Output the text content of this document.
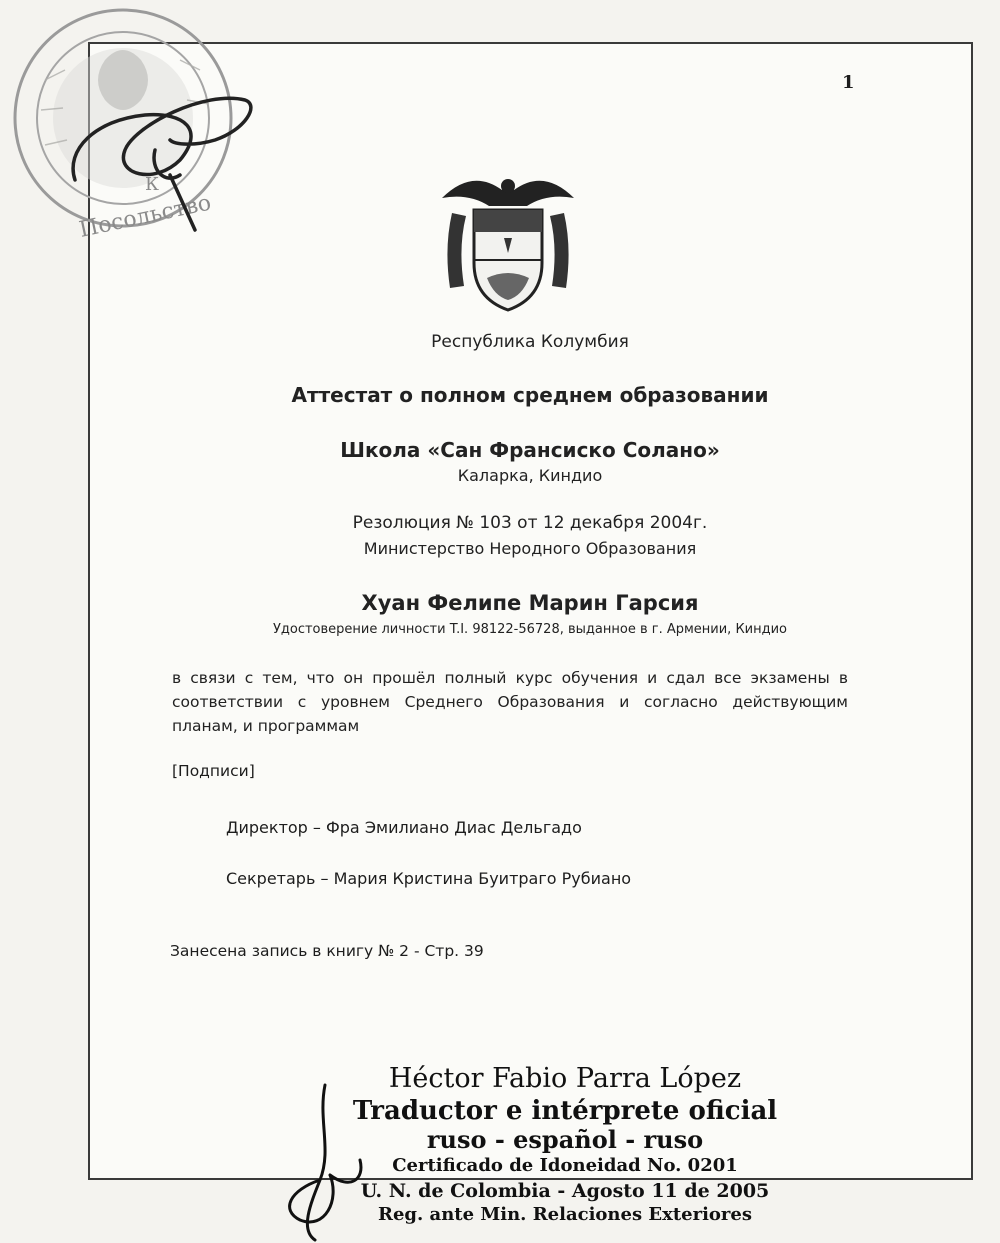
1
Посольство
К
Республика Колумбия
Аттестат о полном среднем образовании
Школа «Сан Франсиско Солано»
Каларка, Киндио
Резолюция № 103 от 12 декабря 2004г.
Министерство Неродного Образования
Хуан Фелипе Марин Гарсия
Удостоверение личности T.I. 98122-56728, выданное в г. Армении, Киндио
в связи с тем, что он прошёл полный курс обучения и сдал все экзамены в соответствии с уровнем Среднего Образования и согласно действующим планам, и программам
[Подписи]
Директор – Фра Эмилиано Диас Дельгадо
Секретарь – Мария Кристина Буитраго Рубиано
Занесена запись в книгу № 2 - Стр. 39
Héctor Fabio Parra López
Traductor e intérprete oficial
ruso - español - ruso
Certificado de Idoneidad No. 0201
U. N. de Colombia - Agosto 11 de 2005
Reg. ante Min. Relaciones Exteriores
